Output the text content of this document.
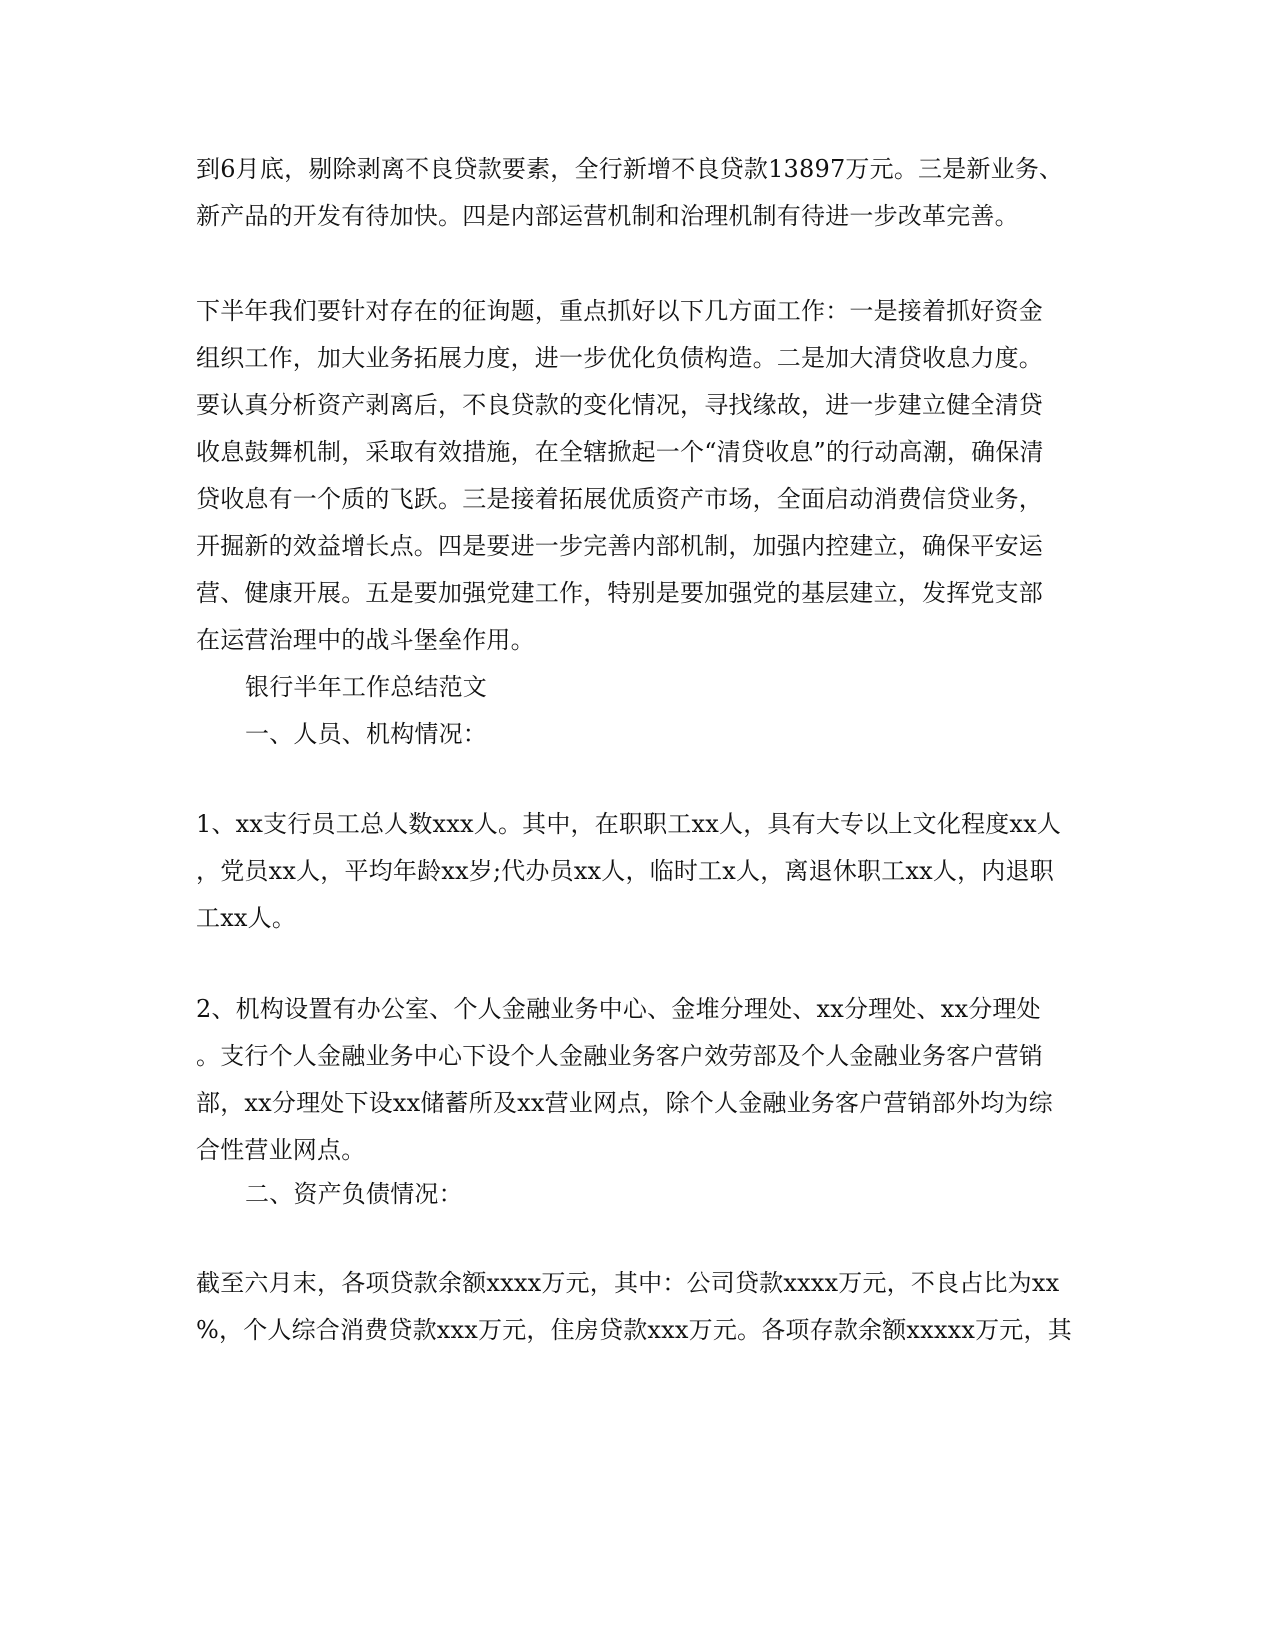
到6月底，剔除剥离不良贷款要素，全行新增不良贷款13897万元。三是新业务、
新产品的开发有待加快。四是内部运营机制和治理机制有待进一步改革完善。
下半年我们要针对存在的征询题，重点抓好以下几方面工作：一是接着抓好资金
组织工作，加大业务拓展力度，进一步优化负债构造。二是加大清贷收息力度。
要认真分析资产剥离后，不良贷款的变化情况，寻找缘故，进一步建立健全清贷
收息鼓舞机制，采取有效措施，在全辖掀起一个“清贷收息”的行动高潮，确保清
贷收息有一个质的飞跃。三是接着拓展优质资产市场，全面启动消费信贷业务，
开掘新的效益增长点。四是要进一步完善内部机制，加强内控建立，确保平安运
营、健康开展。五是要加强党建工作，特别是要加强党的基层建立，发挥党支部
在运营治理中的战斗堡垒作用。
银行半年工作总结范文
一、人员、机构情况：
1、xx支行员工总人数xxx人。其中，在职职工xx人，具有大专以上文化程度xx人
，党员xx人，平均年龄xx岁;代办员xx人，临时工x人，离退休职工xx人，内退职
工xx人。
2、机构设置有办公室、个人金融业务中心、金堆分理处、xx分理处、xx分理处
。支行个人金融业务中心下设个人金融业务客户效劳部及个人金融业务客户营销
部，xx分理处下设xx储蓄所及xx营业网点，除个人金融业务客户营销部外均为综
合性营业网点。
二、资产负债情况：
截至六月末，各项贷款余额xxxx万元，其中：公司贷款xxxx万元，不良占比为xx
%，个人综合消费贷款xxx万元，住房贷款xxx万元。各项存款余额xxxxx万元，其
